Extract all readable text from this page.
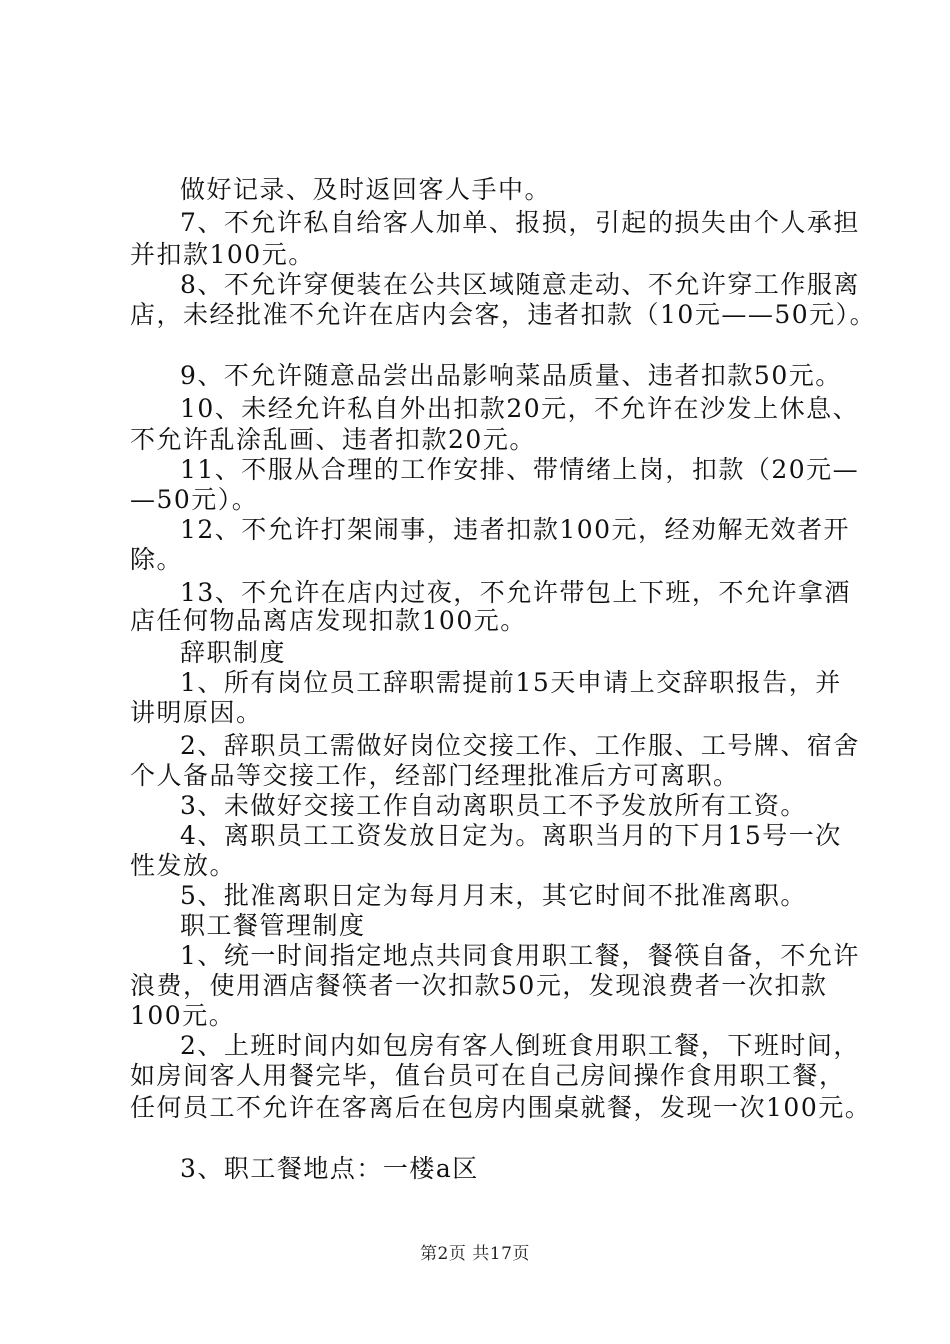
做好记录、及时返回客人手中。
7、不允许私自给客人加单、报损，引起的损失由个人承担
并扣款100元。
8、不允许穿便装在公共区域随意走动、不允许穿工作服离
店，未经批准不允许在店内会客，违者扣款（10元——50元）。
9、不允许随意品尝出品影响菜品质量、违者扣款50元。
10、未经允许私自外出扣款20元，不允许在沙发上休息、
不允许乱涂乱画、违者扣款20元。
11、不服从合理的工作安排、带情绪上岗，扣款（20元—
—50元）。
12、不允许打架闹事，违者扣款100元，经劝解无效者开
除。
13、不允许在店内过夜，不允许带包上下班，不允许拿酒
店任何物品离店发现扣款100元。
辞职制度
1、所有岗位员工辞职需提前15天申请上交辞职报告，并
讲明原因。
2、辞职员工需做好岗位交接工作、工作服、工号牌、宿舍
个人备品等交接工作，经部门经理批准后方可离职。
3、未做好交接工作自动离职员工不予发放所有工资。
4、离职员工工资发放日定为。离职当月的下月15号一次
性发放。
5、批准离职日定为每月月末，其它时间不批准离职。
职工餐管理制度
1、统一时间指定地点共同食用职工餐，餐筷自备，不允许
浪费，使用酒店餐筷者一次扣款50元，发现浪费者一次扣款
100元。
2、上班时间内如包房有客人倒班食用职工餐，下班时间，
如房间客人用餐完毕，值台员可在自己房间操作食用职工餐，
任何员工不允许在客离后在包房内围桌就餐，发现一次100元。
3、职工餐地点：一楼a区
第2页 共17页
